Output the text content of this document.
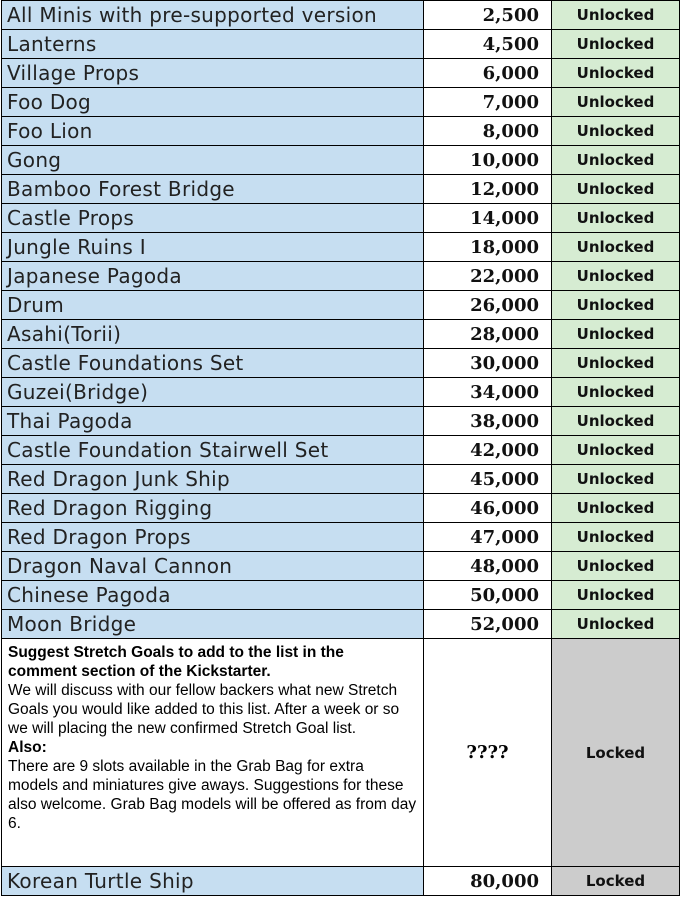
All Minis with pre-supported version	2,500	Unlocked
Lanterns	4,500	Unlocked
Village Props	6,000	Unlocked
Foo Dog	7,000	Unlocked
Foo Lion	8,000	Unlocked
Gong	10,000	Unlocked
Bamboo Forest Bridge	12,000	Unlocked
Castle Props	14,000	Unlocked
Jungle Ruins I	18,000	Unlocked
Japanese Pagoda	22,000	Unlocked
Drum	26,000	Unlocked
Asahi(Torii)	28,000	Unlocked
Castle Foundations Set	30,000	Unlocked
Guzei(Bridge)	34,000	Unlocked
Thai Pagoda	38,000	Unlocked
Castle Foundation Stairwell Set	42,000	Unlocked
Red Dragon Junk Ship	45,000	Unlocked
Red Dragon Rigging	46,000	Unlocked
Red Dragon Props	47,000	Unlocked
Dragon Naval Cannon	48,000	Unlocked
Chinese Pagoda	50,000	Unlocked
Moon Bridge	52,000	Unlocked

Suggest Stretch Goals to add to the list in the comment section of the Kickstarter.

We will discuss with our fellow backers what new Stretch Goals you would like added to this list. After a week or so we will placing the new confirmed Stretch Goal list.

Also:

There are 9 slots available in the Grab Bag for extra models and miniatures give aways. Suggestions for these also welcome. Grab Bag models will be offered as from day 6.	????	Locked
Korean Turtle Ship	80,000	Locked
